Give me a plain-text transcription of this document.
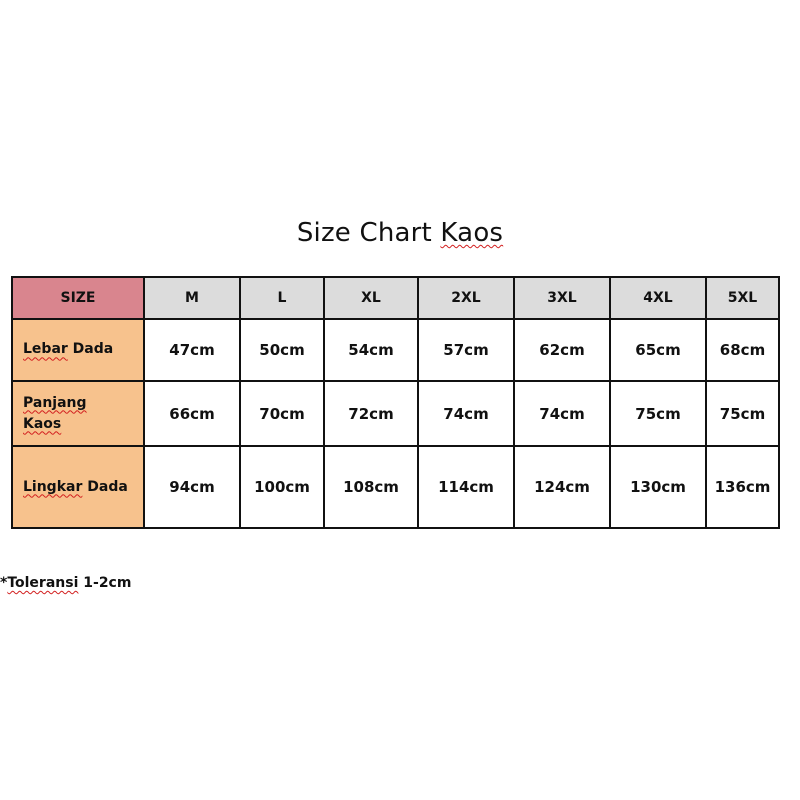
Size Chart Kaos
SIZE	M	L	XL	2XL	3XL	4XL	5XL
Lebar Dada	47cm	50cm	54cm	57cm	62cm	65cm	68cm
Panjang
Kaos	66cm	70cm	72cm	74cm	74cm	75cm	75cm
Lingkar Dada	94cm	100cm	108cm	114cm	124cm	130cm	136cm
*Toleransi 1-2cm
